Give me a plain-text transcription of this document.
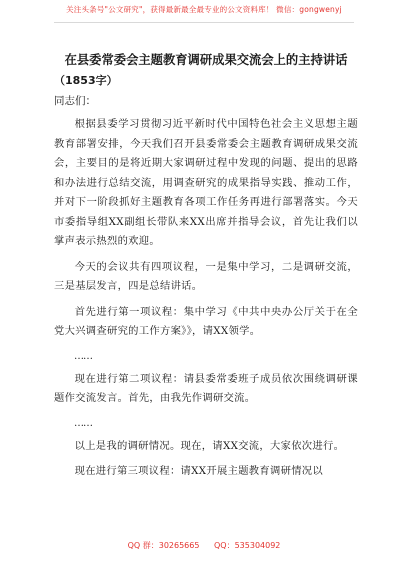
关注头条号"公文研究"，获得最新最全最专业的公文资料库！ 微信：gongwenyj
在县委常委会主题教育调研成果交流会上的主持讲话
（1853字）
同志们：

根据县委学习贯彻习近平新时代中国特色社会主义思想主题教育部署安排，今天我们召开县委常委会主题教育调研成果交流会，主要目的是将近期大家调研过程中发现的问题、提出的思路和办法进行总结交流，用调查研究的成果指导实践、推动工作，并对下一阶段抓好主题教育各项工作任务再进行部署落实。今天市委指导组XX副组长带队来XX出席并指导会议，首先让我们以掌声表示热烈的欢迎。

今天的会议共有四项议程，一是集中学习，二是调研交流，三是基层发言，四是总结讲话。

首先进行第一项议程：集中学习《中共中央办公厅关于在全党大兴调查研究的工作方案》》，请XX领学。

……

现在进行第二项议程：请县委常委班子成员依次围绕调研课题作交流发言。首先，由我先作调研交流。

……

以上是我的调研情况。现在，请XX交流，大家依次进行。

现在进行第三项议程：请XX开展主题教育调研情况以

QQ 群：30265665 QQ：535304092
